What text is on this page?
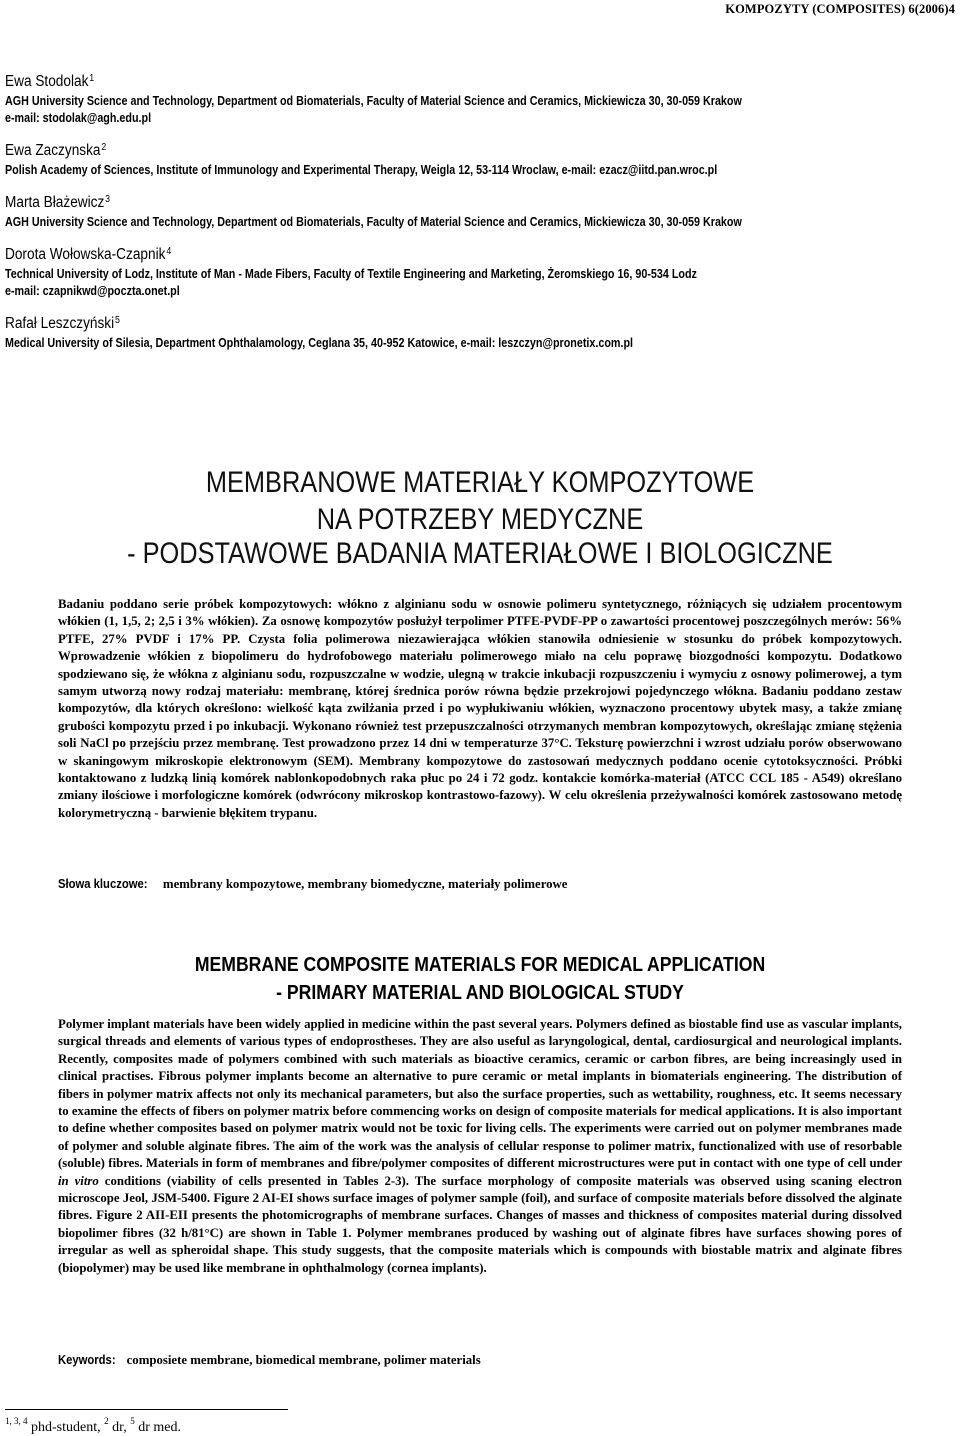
KOMPOZYTY (COMPOSITES) 6(2006)4
Ewa Stodolak$^1$
AGH University Science and Technology, Department od Biomaterials, Faculty of Material Science and Ceramics, Mickiewicza 30, 30-059 Krakow
e-mail: stodolak@agh.edu.pl
Ewa Zaczynska$^2$
Polish Academy of Sciences, Institute of Immunology and Experimental Therapy, Weigla 12, 53-114 Wroclaw, e-mail: ezacz@iitd.pan.wroc.pl
Marta Błażewicz$^3$
AGH University Science and Technology, Department od Biomaterials, Faculty of Material Science and Ceramics, Mickiewicza 30, 30-059 Krakow
Dorota Wołowska-Czapnik$^4$
Technical University of Lodz, Institute of Man - Made Fibers, Faculty of Textile Engineering and Marketing, Żeromskiego 16, 90-534 Lodz
e-mail: czapnikwd@poczta.onet.pl
Rafał Leszczyński$^5$
Medical University of Silesia, Department Ophthalamology, Ceglana 35, 40-952 Katowice, e-mail: leszczyn@pronetix.com.pl
MEMBRANOWE MATERIAŁY KOMPOZYTOWE
NA POTRZEBY MEDYCZNE
- PODSTAWOWE BADANIA MATERIAŁOWE I BIOLOGICZNE
Badaniu poddano serie próbek kompozytowych: włókno z alginianu sodu w osnowie polimeru syntetycznego, różniących się udziałem procentowym włókien (1, 1,5, 2; 2,5 i 3% włókien). Za osnowę kompozytów posłużył terpolimer PTFE-PVDF-PP o zawartości procentowej poszczególnych merów: 56% PTFE, 27% PVDF i 17% PP. Czysta folia polimerowa niezawierająca włókien stanowiła odniesienie w stosunku do próbek kompozytowych. Wprowadzenie włókien z biopolimeru do hydrofobowego materiału polimerowego miało na celu poprawę biozgodności kompozytu. Dodatkowo spodziewano się, że włókna z alginianu sodu, rozpuszczalne w wodzie, ulegną w trakcie inkubacji rozpuszczeniu i wymyciu z osnowy polimerowej, a tym samym utworzą nowy rodzaj materiału: membranę, której średnica porów równa będzie przekrojowi pojedynczego włókna. Badaniu poddano zestaw kompozytów, dla których określono: wielkość kąta zwilżania przed i po wypłukiwaniu włókien, wyznaczono procentowy ubytek masy, a także zmianę grubości kompozytu przed i po inkubacji. Wykonano również test przepuszczalności otrzymanych membran kompozytowych, określając zmianę stężenia soli NaCl po przejściu przez membranę. Test prowadzono przez 14 dni w temperaturze 37°C. Teksturę powierzchni i wzrost udziału porów obserwowano w skaningowym mikroskopie elektronowym (SEM). Membrany kompozytowe do zastosowań medycznych poddano ocenie cytotoksyczności. Próbki kontaktowano z ludzką linią komórek nablonkopodobnych raka płuc po 24 i 72 godz. kontakcie komórka-materiał (ATCC CCL 185 - A549) określano zmiany ilościowe i morfologiczne komórek (odwrócony mikroskop kontrastowo-fazowy). W celu określenia przeżywalności komórek zastosowano metodę kolorymetryczną - barwienie błękitem trypanu.
Słowa kluczowe: membrany kompozytowe, membrany biomedyczne, materiały polimerowe
MEMBRANE COMPOSITE MATERIALS FOR MEDICAL APPLICATION
- PRIMARY MATERIAL AND BIOLOGICAL STUDY
Polymer implant materials have been widely applied in medicine within the past several years. Polymers defined as biostable find use as vascular implants, surgical threads and elements of various types of endoprostheses. They are also useful as laryngological, dental, cardiosurgical and neurological implants. Recently, composites made of polymers combined with such materials as bioactive ceramics, ceramic or carbon fibres, are being increasingly used in clinical practises. Fibrous polymer implants become an alternative to pure ceramic or metal implants in biomaterials engineering. The distribution of fibers in polymer matrix affects not only its mechanical parameters, but also the surface properties, such as wettability, roughness, etc. It seems necessary to examine the effects of fibers on polymer matrix before commencing works on design of composite materials for medical applications. It is also important to define whether composites based on polymer matrix would not be toxic for living cells. The experiments were carried out on polymer membranes made of polymer and soluble alginate fibres. The aim of the work was the analysis of cellular response to polimer matrix, functionalized with use of resorbable (soluble) fibres. Materials in form of membranes and fibre/polymer composites of different microstructures were put in contact with one type of cell under in vitro conditions (viability of cells presented in Tables 2-3). The surface morphology of composite materials was observed using scaning electron microscope Jeol, JSM-5400. Figure 2 AI-EI shows surface images of polymer sample (foil), and surface of composite materials before dissolved the alginate fibres. Figure 2 AII-EII presents the photomicrographs of membrane surfaces. Changes of masses and thickness of composites material during dissolved biopolimer fibres (32 h/81°C) are shown in Table 1. Polymer membranes produced by washing out of alginate fibres have surfaces showing pores of irregular as well as spheroidal shape. This study suggests, that the composite materials which is compounds with biostable matrix and alginate fibres (biopolymer) may be used like membrane in ophthalmology (cornea implants).
Keywords: composiete membrane, biomedical membrane, polimer materials
$^{1, 3, 4}$ phd-student, $^2$ dr, $^5$ dr med.
